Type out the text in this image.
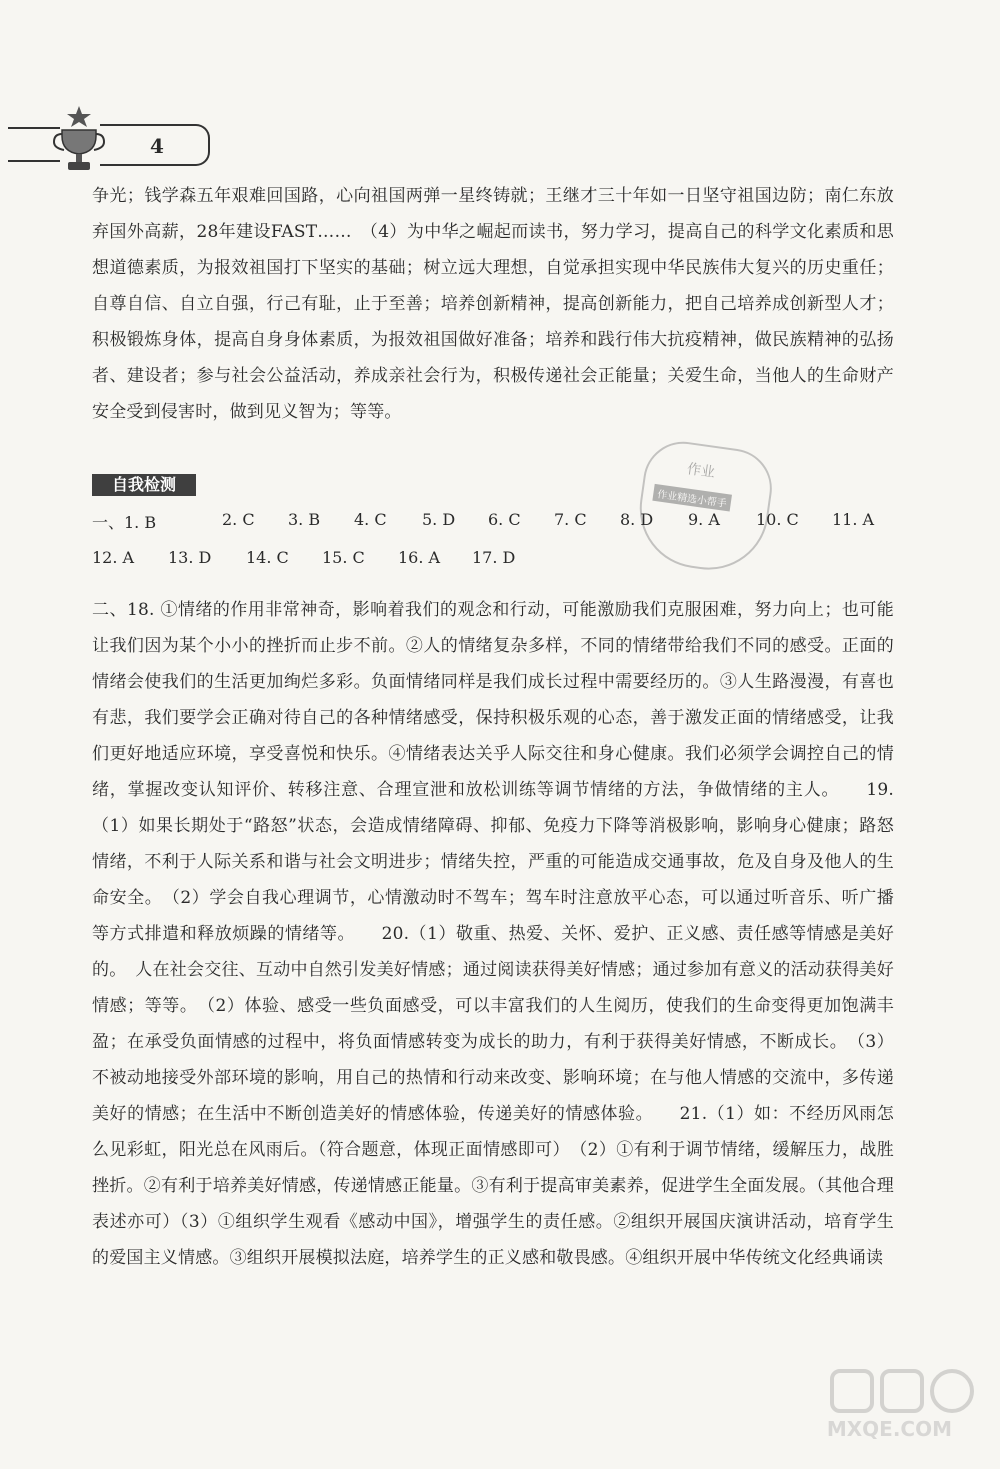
4
争光；钱学森五年艰难回国路，心向祖国两弹一星终铸就；王继才三十年如一日坚守祖国边防；南仁东放弃国外高薪，28年建设FAST……　（4）为中华之崛起而读书，努力学习，提高自己的科学文化素质和思想道德素质，为报效祖国打下坚实的基础；树立远大理想，自觉承担实现中华民族伟大复兴的历史重任；自尊自信、自立自强，行己有耻，止于至善；培养创新精神，提高创新能力，把自己培养成创新型人才；积极锻炼身体，提高自身身体素质，为报效祖国做好准备；培养和践行伟大抗疫精神，做民族精神的弘扬者、建设者；参与社会公益活动，养成亲社会行为，积极传递社会正能量；关爱生命，当他人的生命财产安全受到侵害时，做到见义智为；等等。
自我检测
作业
作业精选小帮手
一、1. B	2. C 3. B 4. C 5. D 6. C 7. C 8. D 9. A 10. C 11. A
12. A 13. D 14. C 15. C 16. A 17. D
二、18. ①情绪的作用非常神奇，影响着我们的观念和行动，可能激励我们克服困难，努力向上；也可能让我们因为某个小小的挫折而止步不前。②人的情绪复杂多样，不同的情绪带给我们不同的感受。正面的情绪会使我们的生活更加绚烂多彩。负面情绪同样是我们成长过程中需要经历的。③人生路漫漫，有喜也有悲，我们要学会正确对待自己的各种情绪感受，保持积极乐观的心态，善于激发正面的情绪感受，让我们更好地适应环境，享受喜悦和快乐。④情绪表达关乎人际交往和身心健康。我们必须学会调控自己的情绪，掌握改变认知评价、转移注意、合理宣泄和放松训练等调节情绪的方法，争做情绪的主人。　　19.（1）如果长期处于“路怒”状态，会造成情绪障碍、抑郁、免疫力下降等消极影响，影响身心健康；路怒情绪，不利于人际关系和谐与社会文明进步；情绪失控，严重的可能造成交通事故，危及自身及他人的生命安全。　（2）学会自我心理调节，心情激动时不驾车；驾车时注意放平心态，可以通过听音乐、听广播等方式排遣和释放烦躁的情绪等。　　20.（1）敬重、热爱、关怀、爱护、正义感、责任感等情感是美好的。　人在社会交往、互动中自然引发美好情感；通过阅读获得美好情感；通过参加有意义的活动获得美好情感；等等。　（2）体验、感受一些负面感受，可以丰富我们的人生阅历，使我们的生命变得更加饱满丰盈；在承受负面情感的过程中，将负面情感转变为成长的助力，有利于获得美好情感，不断成长。　（3）不被动地接受外部环境的影响，用自己的热情和行动来改变、影响环境；在与他人情感的交流中，多传递美好的情感；在生活中不断创造美好的情感体验，传递美好的情感体验。　　21.（1）如：不经历风雨怎么见彩虹，阳光总在风雨后。（符合题意，体现正面情感即可）　（2）①有利于调节情绪，缓解压力，战胜挫折。②有利于培养美好情感，传递情感正能量。③有利于提高审美素养，促进学生全面发展。（其他合理表述亦可）（3）①组织学生观看《感动中国》，增强学生的责任感。②组织开展国庆演讲活动，培育学生的爱国主义情感。③组织开展模拟法庭，培养学生的正义感和敬畏感。④组织开展中华传统文化经典诵读
MXQE.COM
